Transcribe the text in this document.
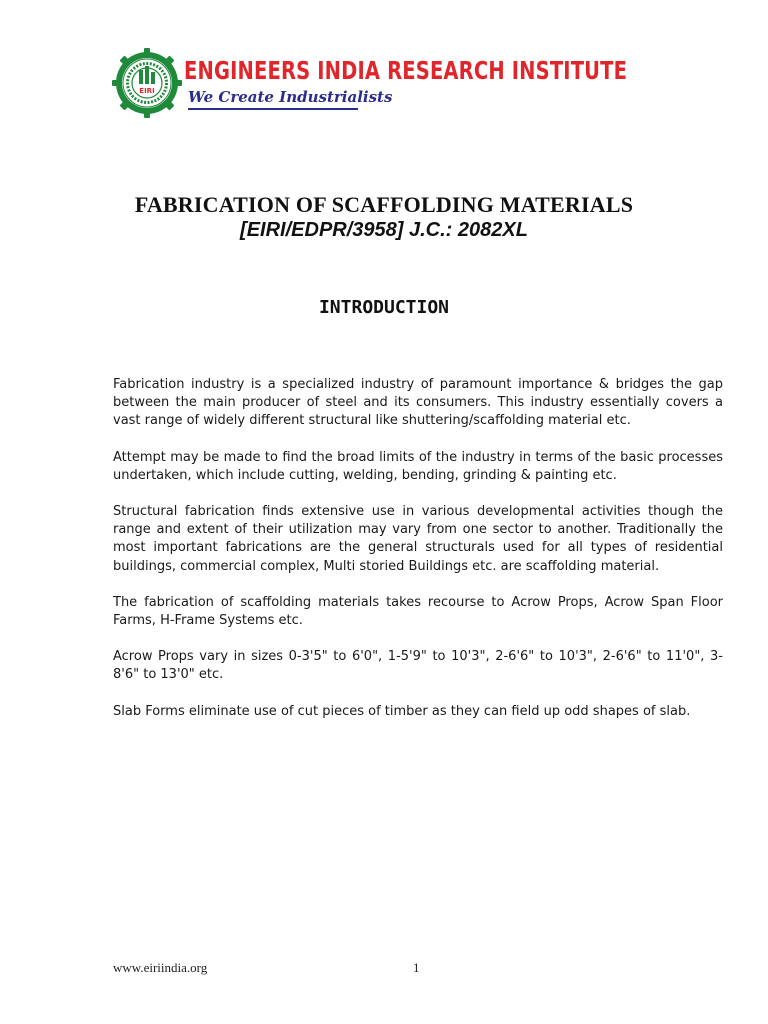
EIRI
ENGINEERS INDIA RESEARCH INSTITUTE
We Create Industrialists
FABRICATION OF SCAFFOLDING MATERIALS
[EIRI/EDPR/3958] J.C.: 2082XL
INTRODUCTION

Fabrication industry is a specialized industry of paramount importance & bridges the gap between the main producer of steel and its consumers. This industry essentially covers a vast range of widely different structural like shuttering/scaffolding material etc.

Attempt may be made to find the broad limits of the industry in terms of the basic processes undertaken, which include cutting, welding, bending, grinding & painting etc.

Structural fabrication finds extensive use in various developmental activities though the range and extent of their utilization may vary from one sector to another. Traditionally the most important fabrications are the general structurals used for all types of residential buildings, commercial complex, Multi storied Buildings etc. are scaffolding material.

The fabrication of scaffolding materials takes recourse to Acrow Props, Acrow Span Floor Farms, H-Frame Systems etc.

Acrow Props vary in sizes 0-3'5" to 6'0", 1-5'9" to 10'3", 2-6'6" to 10'3", 2-6'6" to 11'0", 3-8'6" to 13'0" etc.

Slab Forms eliminate use of cut pieces of timber as they can field up odd shapes of slab.

www.eiriindia.org	1
